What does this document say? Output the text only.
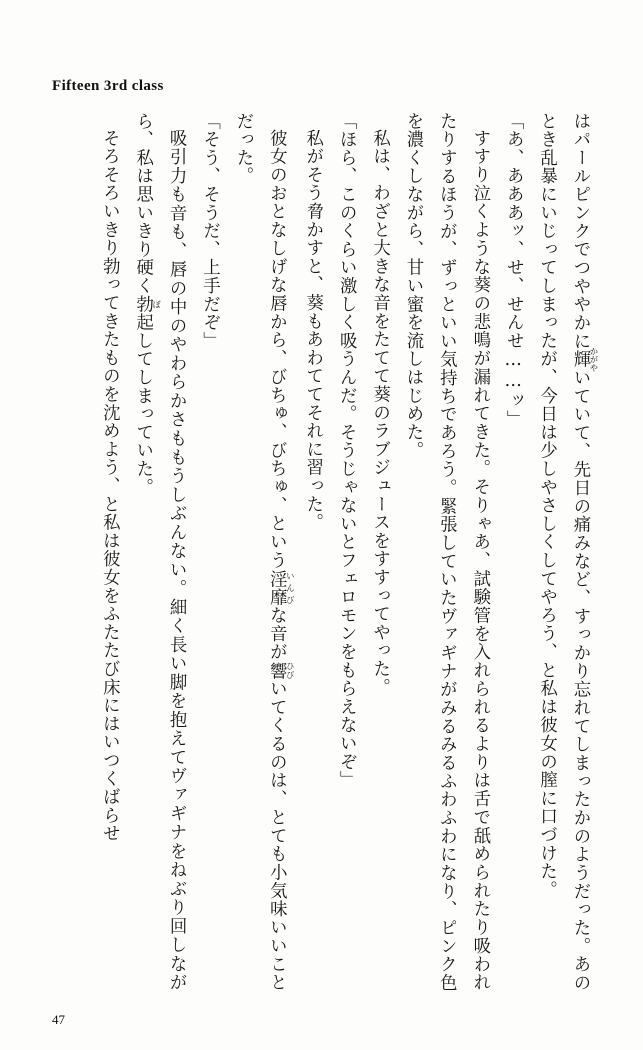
Fifteen 3rd class

はパールピンクでつややかに輝 かがやいていて、先日の痛みなど、すっかり忘れてしまったかのようだった。あのとき乱暴にいじってしまったが、今日は少しやさしくしてやろう、と私は彼女の膣に口づけた。

「あ、あああッ、せ、せんせ……ッ」

すすり泣くような葵の悲鳴が漏れてきた。そりゃあ、試験管を入れられるよりは舌で舐められたり吸われたりするほうが、ずっといい気持ちであろう。緊張していたヴァギナがみるみるふわふわになり、ピンク色を濃くしながら、甘い蜜を流しはじめた。

私は、わざと大きな音をたてて葵のラブジュースをすすってやった。

「ほら、このくらい激しく吸うんだ。そうじゃないとフェロモンをもらえないぞ」

私がそう脅かすと、葵もあわててそれに習った。

彼女のおとなしげな唇から、びちゅ、びちゅ、という淫靡 いんびな音が響 ひびいてくるのは、とても小気味いいことだった。

「そう、そうだ、上手だぞ」

吸引力も音も、唇の中のやわらかさももうしぶんない。細く長い脚を抱えてヴァギナをねぶり回しながら、私は思いきり硬く勃 ぼ起してしまっていた。

そろそろいきり勃ってきたものを沈めよう、と私は彼女をふたたび床にはいつくばらせ

47
